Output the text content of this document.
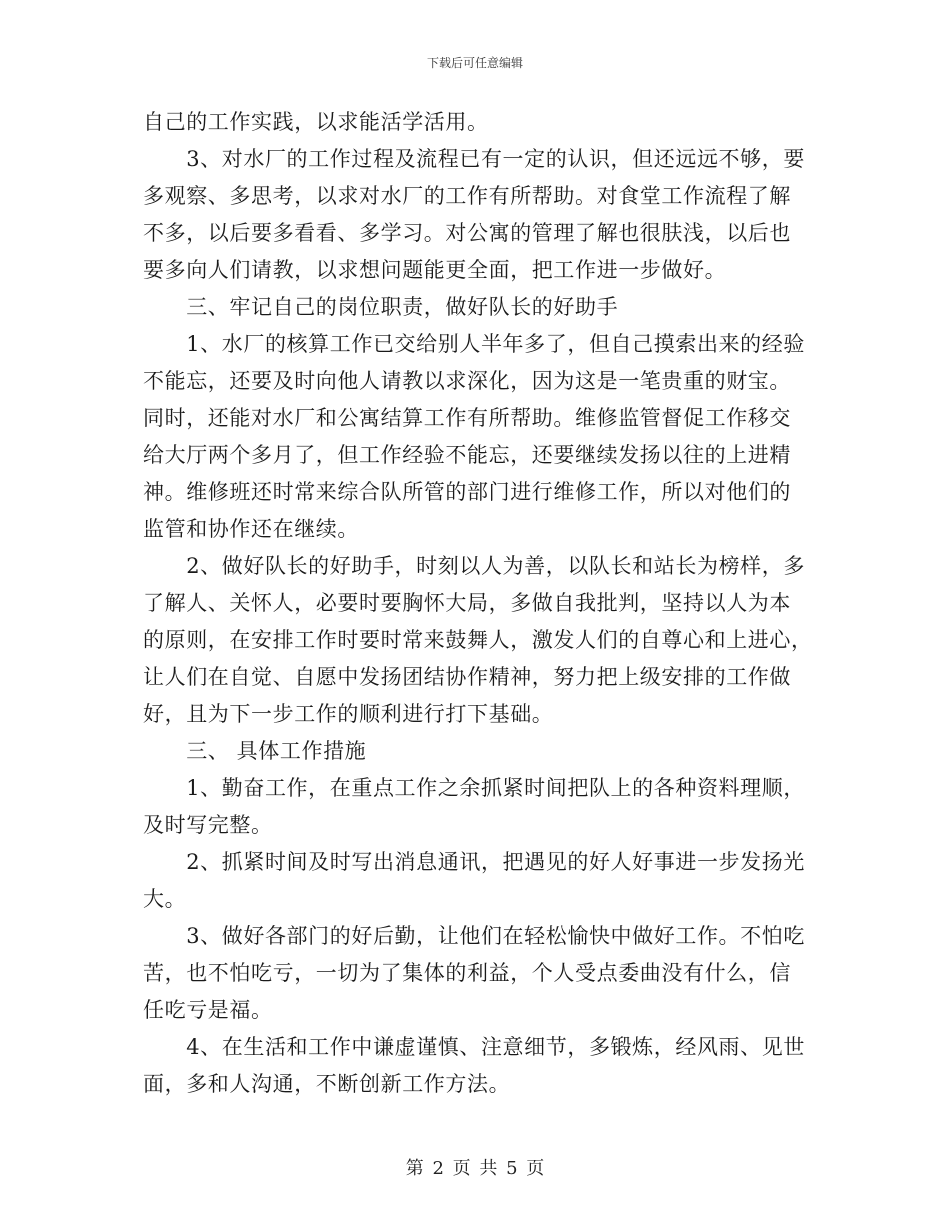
下载后可任意编辑

自己的工作实践，以求能活学活用。

　　3、对水厂的工作过程及流程已有一定的认识，但还远远不够，要

多观察、多思考，以求对水厂的工作有所帮助。对食堂工作流程了解

不多，以后要多看看、多学习。对公寓的管理了解也很肤浅，以后也

要多向人们请教，以求想问题能更全面，把工作进一步做好。

　　三、牢记自己的岗位职责，做好队长的好助手

　　1、水厂的核算工作已交给别人半年多了，但自己摸索出来的经验

不能忘，还要及时向他人请教以求深化，因为这是一笔贵重的财宝。

同时，还能对水厂和公寓结算工作有所帮助。维修监管督促工作移交

给大厅两个多月了，但工作经验不能忘，还要继续发扬以往的上进精

神。维修班还时常来综合队所管的部门进行维修工作，所以对他们的

监管和协作还在继续。

　　2、做好队长的好助手，时刻以人为善，以队长和站长为榜样，多

了解人、关怀人，必要时要胸怀大局，多做自我批判，坚持以人为本

的原则，在安排工作时要时常来鼓舞人，激发人们的自尊心和上进心，

让人们在自觉、自愿中发扬团结协作精神，努力把上级安排的工作做

好，且为下一步工作的顺利进行打下基础。

　　三、 具体工作措施

　　1、勤奋工作，在重点工作之余抓紧时间把队上的各种资料理顺，

及时写完整。

　　2、抓紧时间及时写出消息通讯，把遇见的好人好事进一步发扬光

大。

　　3、做好各部门的好后勤，让他们在轻松愉快中做好工作。不怕吃

苦，也不怕吃亏，一切为了集体的利益，个人受点委曲没有什么，信

任吃亏是福。

　　4、在生活和工作中谦虚谨慎、注意细节，多锻炼，经风雨、见世

面，多和人沟通，不断创新工作方法。

第 2 页 共 5 页
